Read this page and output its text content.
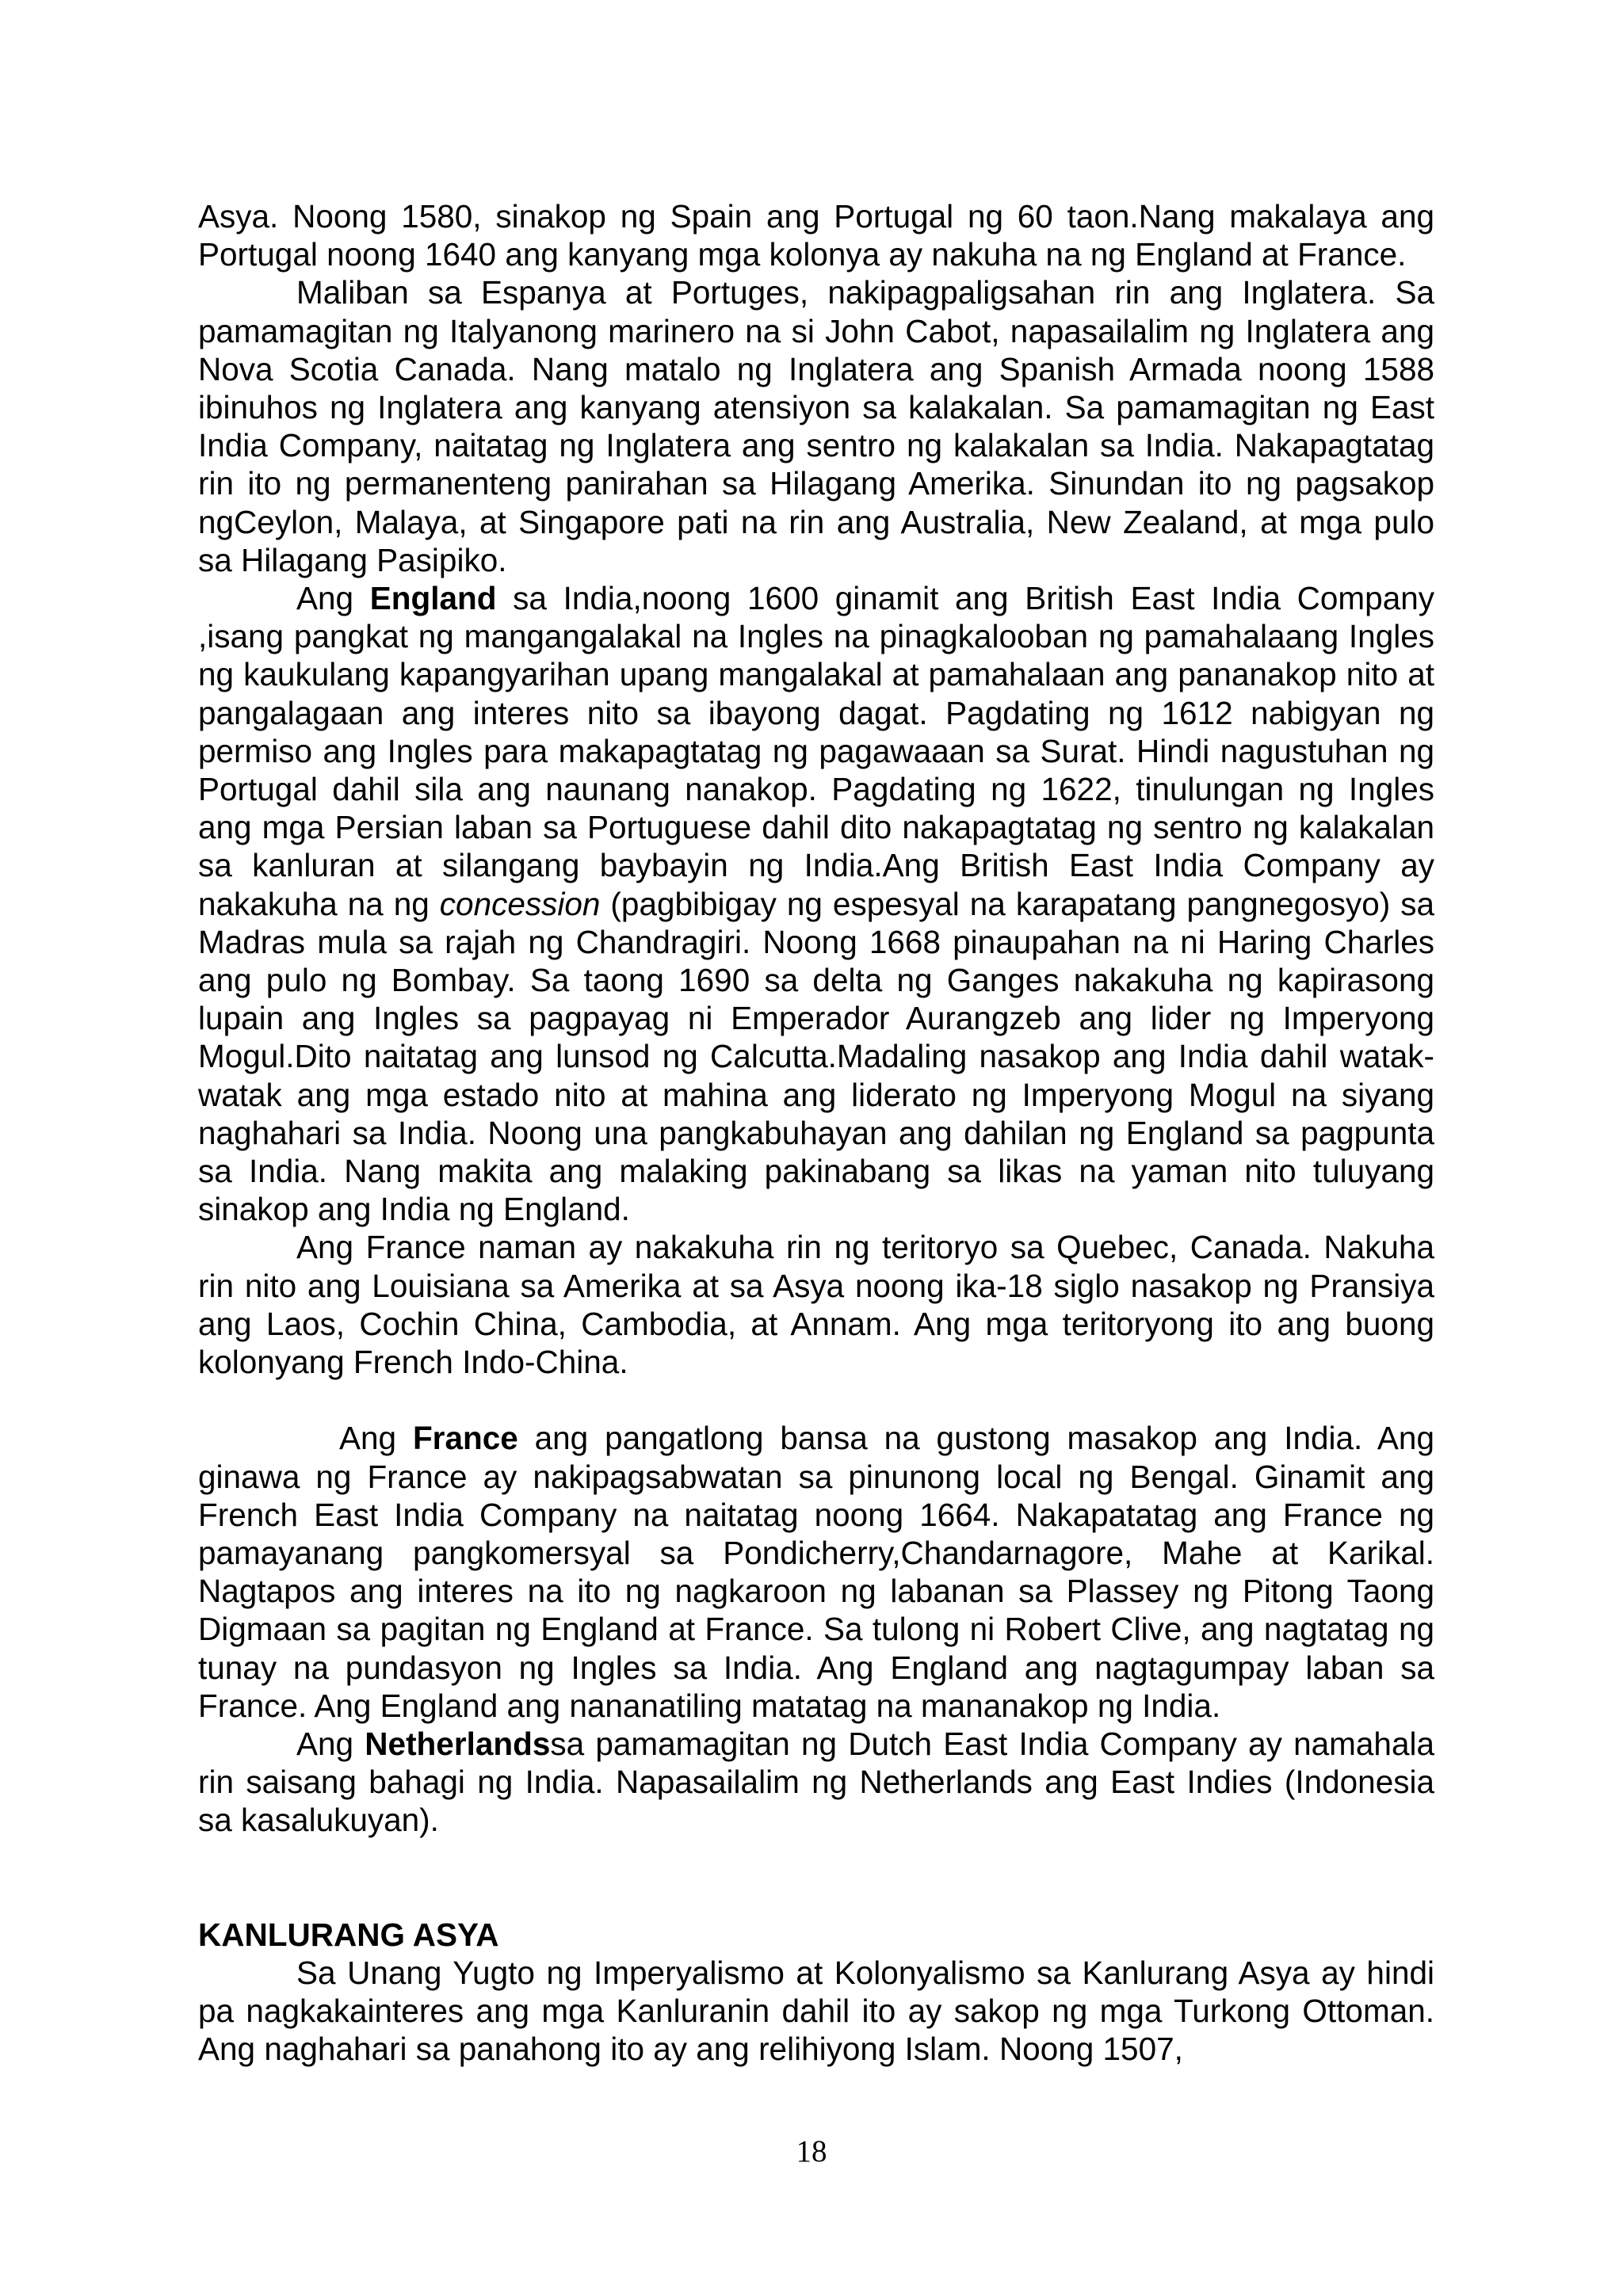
Asya. Noong 1580, sinakop ng Spain ang Portugal ng 60 taon.Nang makalaya ang Portugal noong 1640 ang kanyang mga kolonya ay nakuha na ng England at France.

Maliban sa Espanya at Portuges, nakipagpaligsahan rin ang Inglatera. Sa pamamagitan ng Italyanong marinero na si John Cabot, napasailalim ng Inglatera ang Nova Scotia Canada. Nang matalo ng Inglatera ang Spanish Armada noong 1588 ibinuhos ng Inglatera ang kanyang atensiyon sa kalakalan. Sa pamamagitan ng East India Company, naitatag ng Inglatera ang sentro ng kalakalan sa India. Nakapagtatag rin ito ng permanenteng panirahan sa Hilagang Amerika. Sinundan ito ng pagsakop ngCeylon, Malaya, at Singapore pati na rin ang Australia, New Zealand, at mga pulo sa Hilagang Pasipiko.

Ang England sa India,noong 1600 ginamit ang British East India Company ,isang pangkat ng mangangalakal na Ingles na pinagkalooban ng pamahalaang Ingles ng kaukulang kapangyarihan upang mangalakal at pamahalaan ang pananakop nito at pangalagaan ang interes nito sa ibayong dagat. Pagdating ng 1612 nabigyan ng permiso ang Ingles para makapagtatag ng pagawaaan sa Surat. Hindi nagustuhan ng Portugal dahil sila ang naunang nanakop. Pagdating ng 1622, tinulungan ng Ingles ang mga Persian laban sa Portuguese dahil dito nakapagtatag ng sentro ng kalakalan sa kanluran at silangang baybayin ng India.Ang British East India Company ay nakakuha na ng concession (pagbibigay ng espesyal na karapatang pangnegosyo) sa Madras mula sa rajah ng Chandragiri. Noong 1668 pinaupahan na ni Haring Charles ang pulo ng Bombay. Sa taong 1690 sa delta ng Ganges nakakuha ng kapirasong lupain ang Ingles sa pagpayag ni Emperador Aurangzeb ang lider ng Imperyong Mogul.Dito naitatag ang lunsod ng Calcutta.Madaling nasakop ang India dahil watak-watak ang mga estado nito at mahina ang liderato ng Imperyong Mogul na siyang naghahari sa India. Noong una pangkabuhayan ang dahilan ng England sa pagpunta sa India. Nang makita ang malaking pakinabang sa likas na yaman nito tuluyang sinakop ang India ng England.

Ang France naman ay nakakuha rin ng teritoryo sa Quebec, Canada. Nakuha rin nito ang Louisiana sa Amerika at sa Asya noong ika-18 siglo nasakop ng Pransiya ang Laos, Cochin China, Cambodia, at Annam. Ang mga teritoryong ito ang buong kolonyang French Indo-China.

Ang France ang pangatlong bansa na gustong masakop ang India. Ang ginawa ng France ay nakipagsabwatan sa pinunong local ng Bengal. Ginamit ang French East India Company na naitatag noong 1664. Nakapatatag ang France ng pamayanang pangkomersyal sa Pondicherry,Chandarnagore, Mahe at Karikal. Nagtapos ang interes na ito ng nagkaroon ng labanan sa Plassey ng Pitong Taong Digmaan sa pagitan ng England at France. Sa tulong ni Robert Clive, ang nagtatag ng tunay na pundasyon ng Ingles sa India. Ang England ang nagtagumpay laban sa France. Ang England ang nananatiling matatag na mananakop ng India.

Ang Netherlandssa pamamagitan ng Dutch East India Company ay namahala rin saisang bahagi ng India. Napasailalim ng Netherlands ang East Indies (Indonesia sa kasalukuyan).

KANLURANG ASYA

Sa Unang Yugto ng Imperyalismo at Kolonyalismo sa Kanlurang Asya ay hindi pa nagkakainteres ang mga Kanluranin dahil ito ay sakop ng mga Turkong Ottoman. Ang naghahari sa panahong ito ay ang relihiyong Islam. Noong 1507,

18
